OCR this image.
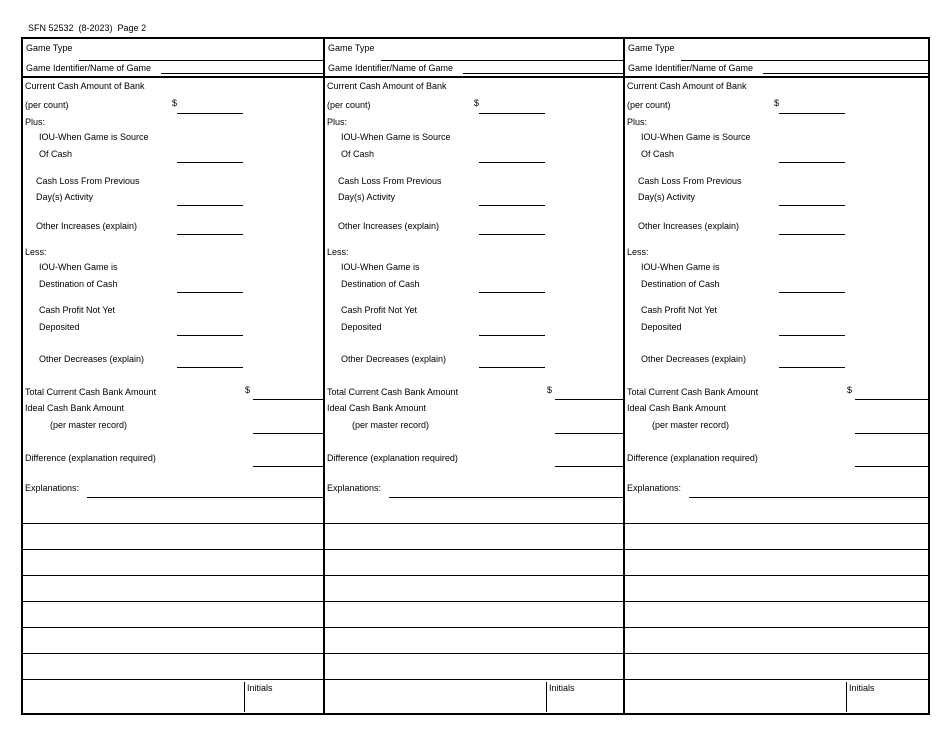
SFN 52532  (8-2023)  Page 2
Game Type
Game Identifier/Name of Game
Current Cash Amount of Bank
(per count)	$
Plus:
IOU-When Game is Source
Of Cash
Cash Loss From Previous
Day(s) Activity
Other Increases (explain)
Less:
IOU-When Game is
Destination of Cash
Cash Profit Not Yet
Deposited
Other Decreases (explain)
Total Current Cash Bank Amount	$
Ideal Cash Bank Amount
(per master record)
Difference (explanation required)
Explanations:
Initials
Game Type
Game Identifier/Name of Game
Current Cash Amount of Bank
(per count)	$
Plus:
IOU-When Game is Source
Of Cash
Cash Loss From Previous
Day(s) Activity
Other Increases (explain)
Less:
IOU-When Game is
Destination of Cash
Cash Profit Not Yet
Deposited
Other Decreases (explain)
Total Current Cash Bank Amount	$
Ideal Cash Bank Amount
(per master record)
Difference (explanation required)
Explanations:
Initials
Game Type
Game Identifier/Name of Game
Current Cash Amount of Bank
(per count)	$
Plus:
IOU-When Game is Source
Of Cash
Cash Loss From Previous
Day(s) Activity
Other Increases (explain)
Less:
IOU-When Game is
Destination of Cash
Cash Profit Not Yet
Deposited
Other Decreases (explain)
Total Current Cash Bank Amount	$
Ideal Cash Bank Amount
(per master record)
Difference (explanation required)
Explanations:
Initials
